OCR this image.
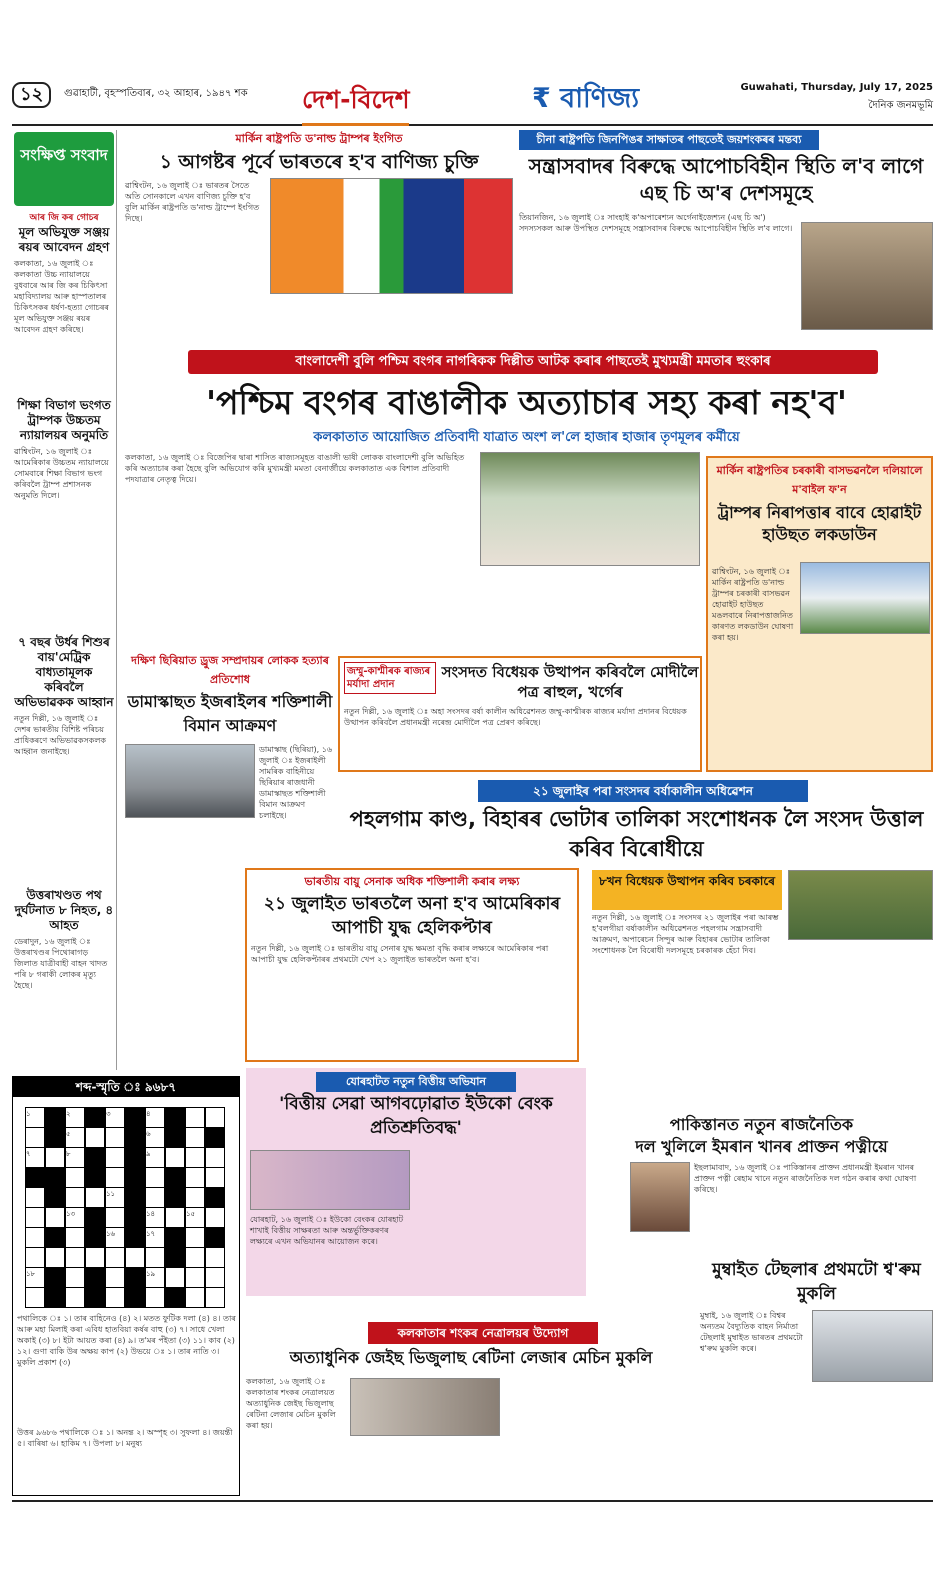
১২	গুৱাহাটী, বৃহস্পতিবাৰ, ৩২ আহাৰ, ১৯৪৭ শক দেশ-বিদেশ	₹ বাণিজ্য	Guwahati, Thursday, July 17, 2025
দৈনিক জনমভূমি
সংক্ষিপ্ত সংবাদ
আৰ জি কৰ গোচৰ
মূল অভিযুক্ত সঞ্জয় ৰয়ৰ আবেদন গ্ৰহণ
কলকাতা, ১৬ জুলাই ঃ কলকাতা উচ্চ ন্যায়ালয়ে বুধবাৰে আৰ জি কৰ চিকিৎসা মহাবিদ্যালয় আৰু হাস্পতালৰ চিকিৎসকৰ ধৰ্ষণ-হত্যা গোচৰৰ মূল অভিযুক্ত সঞ্জয় ৰয়ৰ আবেদন গ্ৰহণ কৰিছে।
শিক্ষা বিভাগ ভংগত ট্ৰাম্পক উচ্চতম ন্যায়ালয়ৰ অনুমতি
ৱাশ্বিংটন, ১৬ জুলাই ঃ আমেৰিকাৰ উচ্চতম ন্যায়ালয়ে সোমবাৰে শিক্ষা বিভাগ ভংগ কৰিবলৈ ট্ৰাম্প প্ৰশাসনক অনুমতি দিলে।
৭ বছৰ উৰ্ধৰ শিশুৰ বায়'মেট্ৰিক বাধ্যতামূলক কৰিবলৈ অভিভাৱকক আহ্বান
নতুন দিল্লী, ১৬ জুলাই ঃ দেশৰ ভাৰতীয় বিশিষ্ট পৰিচয় প্ৰাধিকৰণে অভিভাৱকসকলক আহ্বান জনাইছে।
উত্তৰাখণ্ডত পথ দুৰ্ঘটনাত ৮ নিহত, ৪ আহত
ডেৰাদুন, ১৬ জুলাই ঃ উত্তৰাখণ্ডৰ পিথোৰাগড় জিলাত যাত্ৰীবাহী বাহন খাদত পৰি ৮ গৰাকী লোকৰ মৃত্যু হৈছে।
মাৰ্কিন ৰাষ্ট্ৰপতি ড'নাল্ড ট্ৰাম্পৰ ইংগিত
১ আগষ্টৰ পূৰ্বে ভাৰতৰে হ'ব বাণিজ্য চুক্তি
ৱাশ্বিংটন, ১৬ জুলাই ঃ ভাৰতৰ সৈতে অতি সোনকালে এখন বাণিজ্য চুক্তি হ'ব বুলি মাৰ্কিন ৰাষ্ট্ৰপতি ড'নাল্ড ট্ৰাম্পে ইংগিত দিছে।
চীনা ৰাষ্ট্ৰপতি জিনপিঙৰ সাক্ষাতৰ পাছতেই জয়শংকৰৰ মন্তব্য
সন্ত্ৰাসবাদৰ বিৰুদ্ধে আপোচবিহীন স্থিতি ল'ব লাগে এছ চি অ'ৰ দেশসমূহে
তিয়ানজিন, ১৬ জুলাই ঃ সাংহাই ক'অপাৰেশ্যন অৰ্গেনাইজেশ্যন (এছ চি অ') সদস্যসকল আৰু উপস্থিত দেশসমূহে সন্ত্ৰাসবাদৰ বিৰুদ্ধে আপোচবিহীন স্থিতি ল'ব লাগে।
বাংলাদেশী বুলি পশ্চিম বংগৰ নাগৰিকক দিল্লীত আটক কৰাৰ পাছতেই মুখ্যমন্ত্ৰী মমতাৰ হুংকাৰ
'পশ্চিম বংগৰ বাঙালীক অত্যাচাৰ সহ্য কৰা নহ'ব'
কলকাতাত আয়োজিত প্ৰতিবাদী যাত্ৰাত অংশ ল'লে হাজাৰ হাজাৰ তৃণমূলৰ কৰ্মীয়ে
কলকাতা, ১৬ জুলাই ঃ বিজেপিৰ দ্বাৰা শাসিত ৰাজ্যসমূহত বাঙালী ভাষী লোকক বাংলাদেশী বুলি অভিহিত কৰি অত্যাচাৰ কৰা হৈছে বুলি অভিযোগ কৰি মুখ্যমন্ত্ৰী মমতা বেনাৰ্জীয়ে কলকাতাত এক বিশাল প্ৰতিবাদী পদযাত্ৰাৰ নেতৃত্ব দিয়ে।
মাৰ্কিন ৰাষ্ট্ৰপতিৰ চৰকাৰী বাসভৱনলৈ দলিয়ালে ম'বাইল ফ'ন
ট্ৰাম্পৰ নিৰাপত্তাৰ বাবে হোৱাইট হাউছত লকডাউন
ৱাশ্বিংটন, ১৬ জুলাই ঃ মাৰ্কিন ৰাষ্ট্ৰপতি ড'নাল্ড ট্ৰাম্পৰ চৰকাৰী বাসভৱন হোৱাইট হাউছত মঙলবাৰে নিৰাপত্তাজনিত কাৰণত লকডাউন ঘোষণা কৰা হয়।
দক্ষিণ ছিৰিয়াত ড্ৰুজ সম্প্ৰদায়ৰ লোকক হত্যাৰ প্ৰতিশোধ
ডামাস্কাছত ইজৰাইলৰ শক্তিশালী বিমান আক্ৰমণ
ডামাস্কাছ (ছিৰিয়া), ১৬ জুলাই ঃ ইজৰাইলী সামৰিক বাহিনীয়ে ছিৰিয়াৰ ৰাজধানী ডামাস্কাছত শক্তিশালী বিমান আক্ৰমণ চলাইছে।
জম্মু-কাশ্মীৰক ৰাজ্যৰ মৰ্যাদা প্ৰদান
সংসদত বিধেয়ক উত্থাপন কৰিবলৈ মোদীলৈ পত্ৰ ৰাহুল, খৰ্গেৰ
নতুন দিল্লী, ১৬ জুলাই ঃ অহা সংসদৰ বৰ্ষা কালীন অধিৱেশনত জম্মু-কাশ্মীৰক ৰাজ্যৰ মৰ্যাদা প্ৰদানৰ বিধেয়ক উত্থাপন কৰিবলৈ প্ৰধানমন্ত্ৰী নৰেন্দ্ৰ মোদীলৈ পত্ৰ প্ৰেৰণ কৰিছে।
২১ জুলাইৰ পৰা সংসদৰ বৰ্ষাকালীন অধিৱেশন
পহলগাম কাণ্ড, বিহাৰৰ ভোটাৰ তালিকা সংশোধনক লৈ সংসদ উত্তাল কৰিব বিৰোধীয়ে
৮খন বিধেয়ক উত্থাপন কৰিব চৰকাৰে
নতুন দিল্লী, ১৬ জুলাই ঃ সংসদৰ ২১ জুলাইৰ পৰা আৰম্ভ হ'বলগীয়া বৰ্ষাকালীন অধিৱেশনত পহলগাম সন্ত্ৰাসবাদী আক্ৰমণ, অপাৰেচন সিন্দুৰ আৰু বিহাৰৰ ভোটাৰ তালিকা সংশোধনক লৈ বিৰোধী দলসমূহে চৰকাৰক হেঁচা দিব।
ভাৰতীয় বায়ু সেনাক অধিক শক্তিশালী কৰাৰ লক্ষ্য
২১ জুলাইত ভাৰতলৈ অনা হ'ব আমেৰিকাৰ আপাচী যুদ্ধ হেলিকপ্টাৰ
নতুন দিল্লী, ১৬ জুলাই ঃ ভাৰতীয় বায়ু সেনাৰ যুদ্ধ ক্ষমতা বৃদ্ধি কৰাৰ লক্ষ্যৰে আমেৰিকাৰ পৰা আপাচী যুদ্ধ হেলিকপ্টাৰৰ প্ৰথমটো খেপ ২১ জুলাইত ভাৰতলৈ অনা হ'ব।
শব্দ-স্মৃতি ঃ ৯৬৮৭
১	২	৩	৪
৫	৬
৭	৮	৯
১১
১৩	১৪	১৫
১৬	১৭
১৮	১৯
পথালিকে ঃ ১। তাৰ বাহিনেও (৪) ২। মতত ফুটিক দলা (৪) ৪। তাৰ আৰু মহা মিলাই কৰা এবিধ হাতবিয়া কৰ্ষৰ বাহু (৩) ৭। সাধে খেলা অকাই (৩) ৮। ইটা আয়ত কৰা (৪) ৯। ত'মৰ পঁইতা (৩) ১১। কাব (২) ১২। গুণা বাকি উৰ অক্ষয় কাপ (২) উভয়ে ঃ ১। তাৰ নাতি ৩। মুকলি প্ৰকাশ (৩)
উত্তৰ ৯৬৮৬ পথালিকে ঃ ১। অনন্ত ২। অস্পৃহ ৩। সুফলা ৪। জয়ন্তী ৫। বাৰিষা ৬। হাকিম ৭। উপলা ৮। মনুষ্য
যোৰহাটত নতুন বিত্তীয় অভিযান
'বিত্তীয় সেৱা আগবঢ়োৱাত ইউকো বেংক প্ৰতিশ্ৰুতিবদ্ধ'
যোৰহাট, ১৬ জুলাই ঃ ইউকো বেংকৰ যোৰহাট শাখাই বিত্তীয় সাক্ষৰতা আৰু অন্তৰ্ভুক্তিকৰণৰ লক্ষ্যৰে এখন অভিযানৰ আয়োজন কৰে।
পাকিস্তানত নতুন ৰাজনৈতিক
দল খুলিলে ইমৰান খানৰ প্ৰাক্তন পত্নীয়ে
ইছলামাবাদ, ১৬ জুলাই ঃ পাকিস্তানৰ প্ৰাক্তন প্ৰধানমন্ত্ৰী ইমৰান খানৰ প্ৰাক্তন পত্নী ৰেহাম খানে নতুন ৰাজনৈতিক দল গঠন কৰাৰ কথা ঘোষণা কৰিছে।
মুম্বাইত টেছলাৰ প্ৰথমটো শ্ব'ৰুম মুকলি
মুম্বাই, ১৬ জুলাই ঃ বিশ্বৰ অন্যতম বৈদ্যুতিক বাহন নিৰ্মাতা টেছলাই মুম্বাইত ভাৰতৰ প্ৰথমটো শ্ব'ৰুম মুকলি কৰে।
কলকাতাৰ শংকৰ নেত্ৰালয়ৰ উদ্যোগ
অত্যাধুনিক জেইছ ভিজুলাছ ৰেটিনা লেজাৰ মেচিন মুকলি
কলকাতা, ১৬ জুলাই ঃ কলকাতাৰ শংকৰ নেত্ৰালয়ত অত্যাধুনিক জেইছ ভিজুলাছ ৰেটিনা লেজাৰ মেচিন মুকলি কৰা হয়।
